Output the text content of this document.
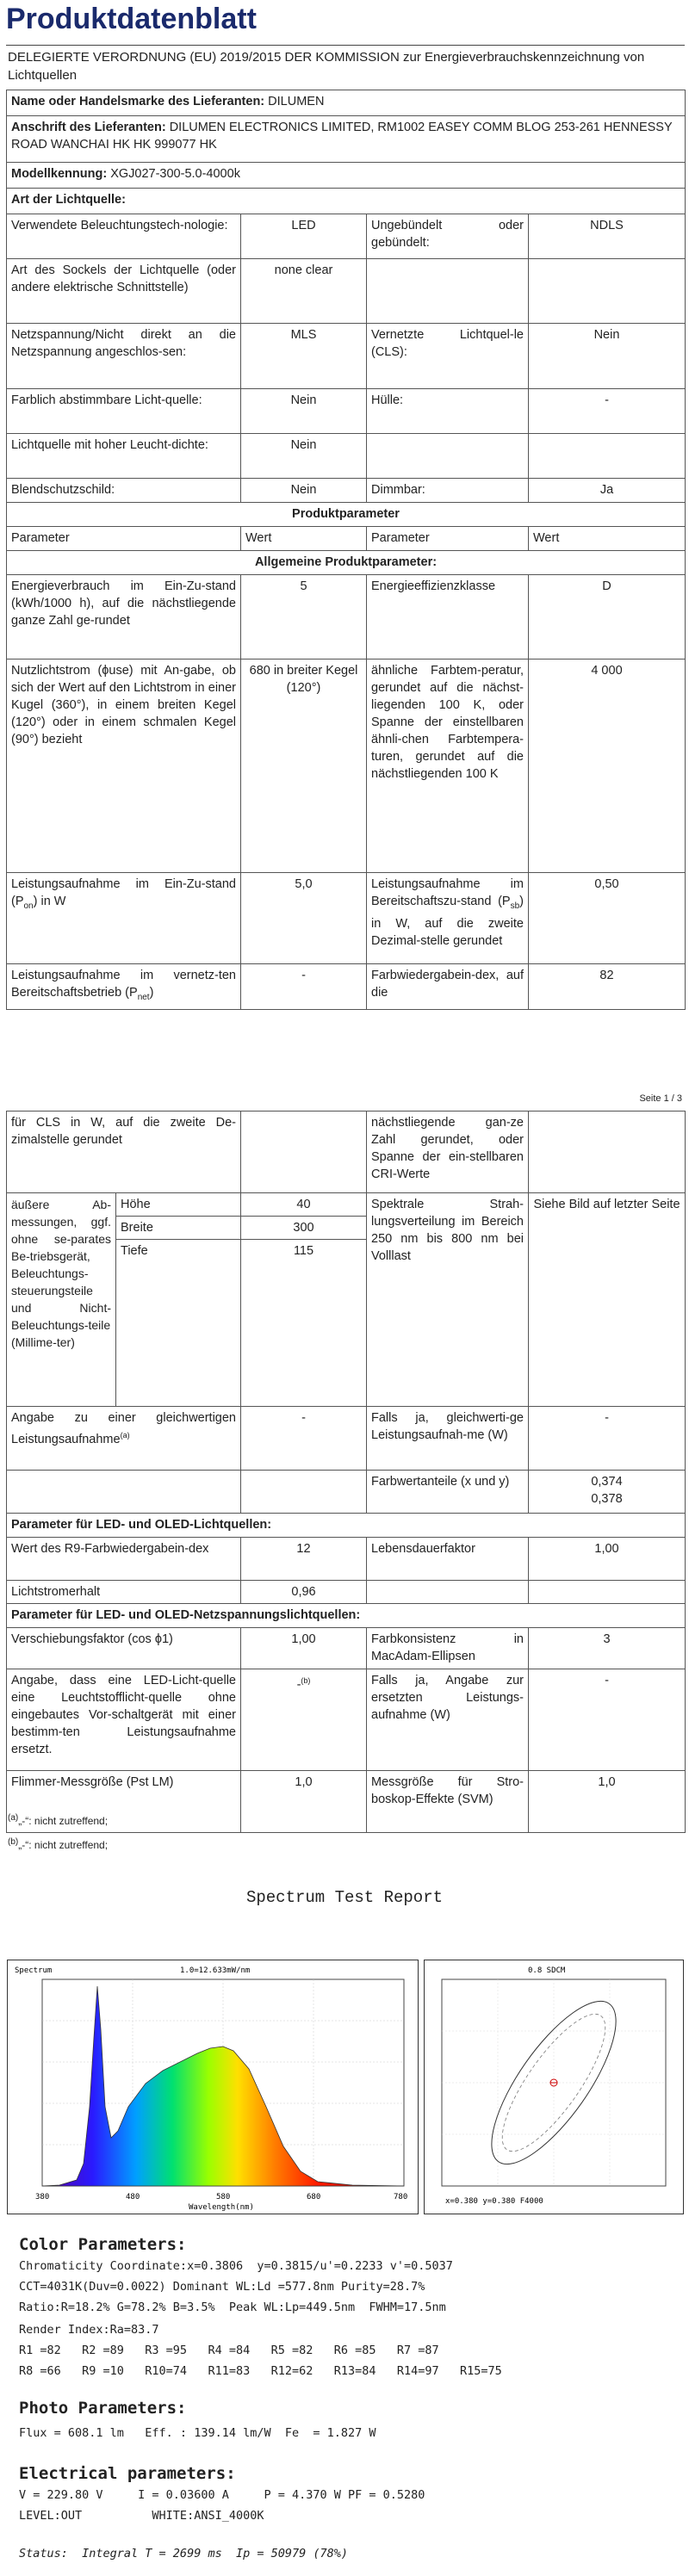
Produktdatenblatt
DELEGIERTE VERORDNUNG (EU) 2019/2015 DER KOMMISSION zur Energieverbrauchskennzeichnung von Lichtquellen
Name oder Handelsmarke des Lieferanten: DILUMEN			
Anschrift des Lieferanten: DILUMEN ELECTRONICS LIMITED, RM1002 EASEY COMM BLOG 253-261 HENNESSY ROAD WANCHAI HK HK 999077 HK			
Modellkennung: XGJ027-300-5.0-4000k			
Art der Lichtquelle:			
Verwendete Beleuchtungstech-nologie:	LED	Ungebündelt oder gebündelt:	NDLS
Art des Sockels der Lichtquelle (oder andere elektrische Schnittstelle)	none clear		
Netzspannung/Nicht direkt an die Netzspannung angeschlos-sen:	MLS	Vernetzte Lichtquel-le (CLS):	Nein
Farblich abstimmbare Licht-quelle:	Nein	Hülle:	-
Lichtquelle mit hoher Leucht-dichte:	Nein		
Blendschutzschild:	Nein	Dimmbar:	Ja
Produktparameter			
Parameter	Wert	Parameter	Wert
Allgemeine Produktparameter:			
Energieverbrauch im Ein-Zu-stand (kWh/1000 h), auf die nächstliegende ganze Zahl ge-rundet	5	Energieeffizienzklasse	D
Nutzlichtstrom (ϕuse) mit An-gabe, ob sich der Wert auf den Lichtstrom in einer Kugel (360°), in einem breiten Kegel (120°) oder in einem schmalen Kegel (90°) bezieht	680 in breiter Kegel (120°)	ähnliche Farbtem-peratur, gerundet auf die nächst-liegenden 100 K, oder Spanne der einstellbaren ähnli-chen Farbtempera-turen, gerundet auf die nächstliegenden 100 K	4 000
Leistungsaufnahme im Ein-Zu-stand $(P_{on})$ in W	5,0	Leistungsaufnahme im Bereitschaftszu-stand $(P_{sb})$ in W, auf die zweite Dezimal-stelle gerundet	0,50
Leistungsaufnahme im vernetz-ten Bereitschaftsbetrieb $(P_{net})$	-	Farbwiedergabein-dex, auf die	82
Seite 1 / 3
für CLS in W, auf die zweite De-zimalstelle gerundet			nächstliegende gan-ze Zahl gerundet, oder Spanne der ein-stellbaren CRI-Werte	
äußere Ab-messungen, ggf. ohne se-parates Be-triebsgerät, Beleuchtungs-steuerungsteile und Nicht-Beleuchtungs-teile (Millime-ter)	Höhe	40	Spektrale Strah-lungsverteilung im Bereich 250 nm bis 800 nm bei Volllast	Siehe Bild auf letzter Seite
	Breite	300		
	Tiefe	115		
Angabe zu einer gleichwertigen Leistungsaufnahme$^{(a)}$		-	Falls ja, gleichwerti-ge Leistungsaufnah-me (W)	-
			Farbwertanteile (x und y)	0,374
0,378
Parameter für LED- und OLED-Lichtquellen:				
Wert des R9-Farbwiedergabein-dex		12	Lebensdauerfaktor	1,00
Lichtstromerhalt		0,96		
Parameter für LED- und OLED-Netzspannungslichtquellen:				
Verschiebungsfaktor (cos ϕ1)		1,00	Farbkonsistenz in MacAdam-Ellipsen	3
Angabe, dass eine LED-Licht-quelle eine Leuchtstofflicht-quelle ohne eingebautes Vor-schaltgerät mit einer bestimm-ten Leistungsaufnahme ersetzt.		-$^{(b)}$	Falls ja, Angabe zur ersetzten Leistungs-aufnahme (W)	-
Flimmer-Messgröße (Pst LM)		1,0	Messgröße für Stro-boskop-Effekte (SVM)	1,0
$^{(a)}$„-“: nicht zutreffend;
$^{(b)}$„-“: nicht zutreffend;
Spectrum Test Report
Spectrum	1.0=12.633mW/nm
380	480	580	680	780
Wavelength(nm)
0.8 SDCM
x=0.380 y=0.380 F4000
Color Parameters:
Chromaticity Coordinate:x=0.3806  y=0.3815/u'=0.2233 v'=0.5037
CCT=4031K(Duv=0.0022) Dominant WL:Ld =577.8nm Purity=28.7%
Ratio:R=18.2% G=78.2% B=3.5%  Peak WL:Lp=449.5nm  FWHM=17.5nm
Render Index:Ra=83.7
R1 =82   R2 =89   R3 =95   R4 =84   R5 =82   R6 =85   R7 =87
R8 =66   R9 =10   R10=74   R11=83   R12=62   R13=84   R14=97   R15=75
Photo Parameters:
Flux = 608.1 lm   Eff. : 139.14 lm/W  Fe  = 1.827 W
Electrical parameters:
V = 229.80 V     I = 0.03600 A     P = 4.370 W PF = 0.5280
LEVEL:OUT          WHITE:ANSI_4000K
Status:  Integral T = 2699 ms  Ip = 50979 (78%)
